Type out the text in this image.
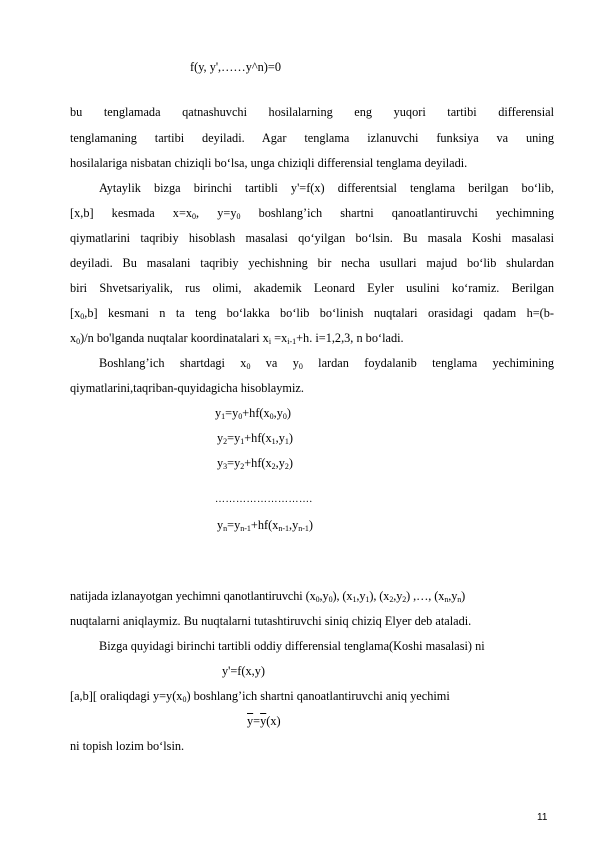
f(y, y',……y^n)=0
bu tenglamada qatnashuvchi hosilalarning eng yuqori tartibi differensial
tenglamaning tartibi deyiladi. Agar tenglama izlanuvchi funksiya va uning
hosilalariga nisbatan chiziqli bo‘lsa, unga chiziqli differensial tenglama deyiladi.
Aytaylik bizga birinchi tartibli y'=f(x) differentsial tenglama berilgan bo‘lib,
[x,b] kesmada $x=x_0$, $y=y_0$ boshlang’ich shartni qanoatlantiruvchi yechimning
qiymatlarini taqribiy hisoblash masalasi qo‘yilgan bo‘lsin. Bu masala Koshi masalasi
deyiladi. Bu masalani taqribiy yechishning bir necha usullari majud bo‘lib shulardan
biri Shvetsariyalik, rus olimi, akademik Leonard Eyler usulini ko‘ramiz. Berilgan
$[x_0,b]$ kesmani n ta teng bo‘lakka bo‘lib bo‘linish nuqtalari orasidagi qadam h=(b-
$x_0)/n$ bo'lganda nuqtalar koordinatalari $x_i =x_{i-1}+h$. i=1,2,3, n bo‘ladi.
Boshlang’ich shartdagi $x_0$ va $y_0$ lardan foydalanib tenglama yechimining
qiymatlarini,taqriban-quyidagicha hisoblaymiz.
$y_1=y_0+hf(x_0,y_0)$
$y_2=y_1+hf(x_1,y_1)$
$y_3=y_2+hf(x_2,y_2)$
……………………….
$y_n=y_{n-1}+hf(x_{n-1},y_{n-1})$
natijada izlanayotgan yechimni qanotlantiruvchi $(x_0,y_0)$, $(x_1,y_1)$, $(x_2,y_2)$ ,…, $(x_n,y_n)$
nuqtalarni aniqlaymiz. Bu nuqtalarni tutashtiruvchi siniq chiziq Elyer deb ataladi.
Bizga quyidagi birinchi tartibli oddiy differensial tenglama(Koshi masalasi) ni
y'=f(x,y)
[a,b][ oraliqdagi $y=y(x_0)$ boshlang’ich shartni qanoatlantiruvchi aniq yechimi
$\overline{y}=\overline{y}(x)$
ni topish lozim bo‘lsin.
11
